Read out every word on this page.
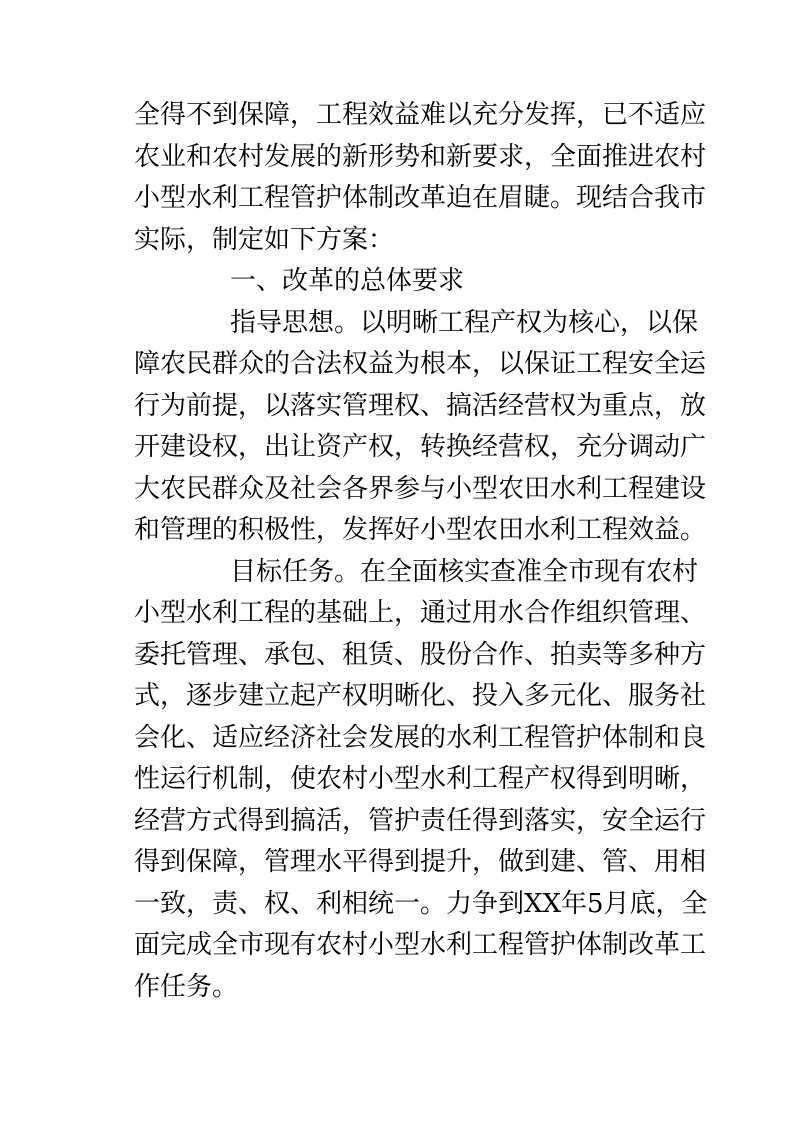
全得不到保障，工程效益难以充分发挥，已不适应
农业和农村发展的新形势和新要求，全面推进农村
小型水利工程管护体制改革迫在眉睫。现结合我市
实际，制定如下方案：
一、改革的总体要求
指导思想。以明晰工程产权为核心，以保
障农民群众的合法权益为根本，以保证工程安全运
行为前提，以落实管理权、搞活经营权为重点，放
开建设权，出让资产权，转换经营权，充分调动广
大农民群众及社会各界参与小型农田水利工程建设
和管理的积极性，发挥好小型农田水利工程效益。
目标任务。在全面核实查准全市现有农村
小型水利工程的基础上，通过用水合作组织管理、
委托管理、承包、租赁、股份合作、拍卖等多种方
式，逐步建立起产权明晰化、投入多元化、服务社
会化、适应经济社会发展的水利工程管护体制和良
性运行机制，使农村小型水利工程产权得到明晰，
经营方式得到搞活，管护责任得到落实，安全运行
得到保障，管理水平得到提升，做到建、管、用相
一致，责、权、利相统一。力争到XX年5月底，全
面完成全市现有农村小型水利工程管护体制改革工
作任务。
